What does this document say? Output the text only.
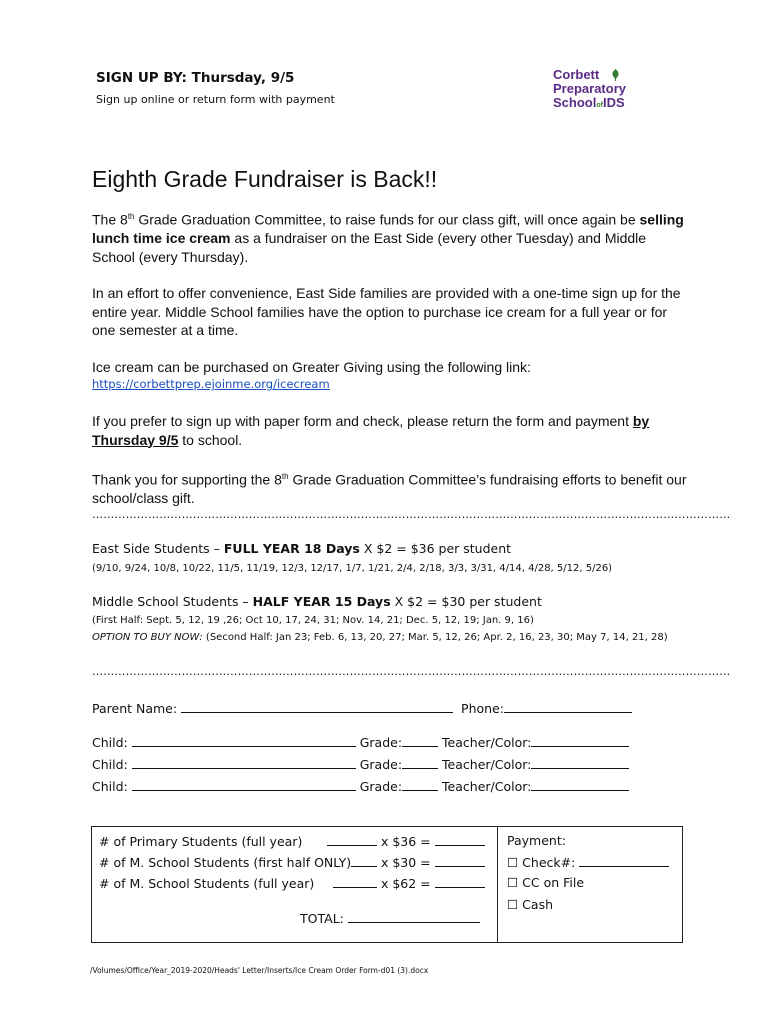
SIGN UP BY: Thursday, 9/5
Sign up online or return form with payment
Corbett
Preparatory
SchoolofIDS
Eighth Grade Fundraiser is Back!!
The 8th Grade Graduation Committee, to raise funds for our class gift, will once again be selling lunch time ice cream as a fundraiser on the East Side (every other Tuesday) and Middle School (every Thursday).
In an effort to offer convenience, East Side families are provided with a one-time sign up for the entire year. Middle School families have the option to purchase ice cream for a full year or for one semester at a time.
Ice cream can be purchased on Greater Giving using the following link:
https://corbettprep.ejoinme.org/icecream
If you prefer to sign up with paper form and check, please return the form and payment by Thursday 9/5 to school.
Thank you for supporting the 8th Grade Graduation Committee’s fundraising efforts to benefit our school/class gift.
………………………………………………………………………………………………………………………………………………………
East Side Students – FULL YEAR 18 Days X $2 = $36 per student
(9/10, 9/24, 10/8, 10/22, 11/5, 11/19, 12/3, 12/17, 1/7, 1/21, 2/4, 2/18, 3/3, 3/31, 4/14, 4/28, 5/12, 5/26)
Middle School Students – HALF YEAR 15 Days X $2 = $30 per student
(First Half: Sept. 5, 12, 19 ,26; Oct 10, 17, 24, 31; Nov. 14, 21; Dec. 5, 12, 19; Jan. 9, 16)
OPTION TO BUY NOW: (Second Half: Jan 23; Feb. 6, 13, 20, 27; Mar. 5, 12, 26; Apr. 2, 16, 23, 30; May 7, 14, 21, 28)
………………………………………………………………………………………………………………………………………………………
Parent Name:	Phone:
Child:	Grade:	Teacher/Color:
Child:	Grade:	Teacher/Color:
Child:	Grade:	Teacher/Color:
# of Primary Students (full year)	x $36 =
# of M. School Students (first half ONLY) x $30 =
# of M. School Students (full year)	x $62 =
TOTAL:
Payment:
☐ Check#:
☐ CC on File
☐ Cash
/Volumes/Office/Year_2019-2020/Heads' Letter/Inserts/Ice Cream Order Form-d01 (3).docx
